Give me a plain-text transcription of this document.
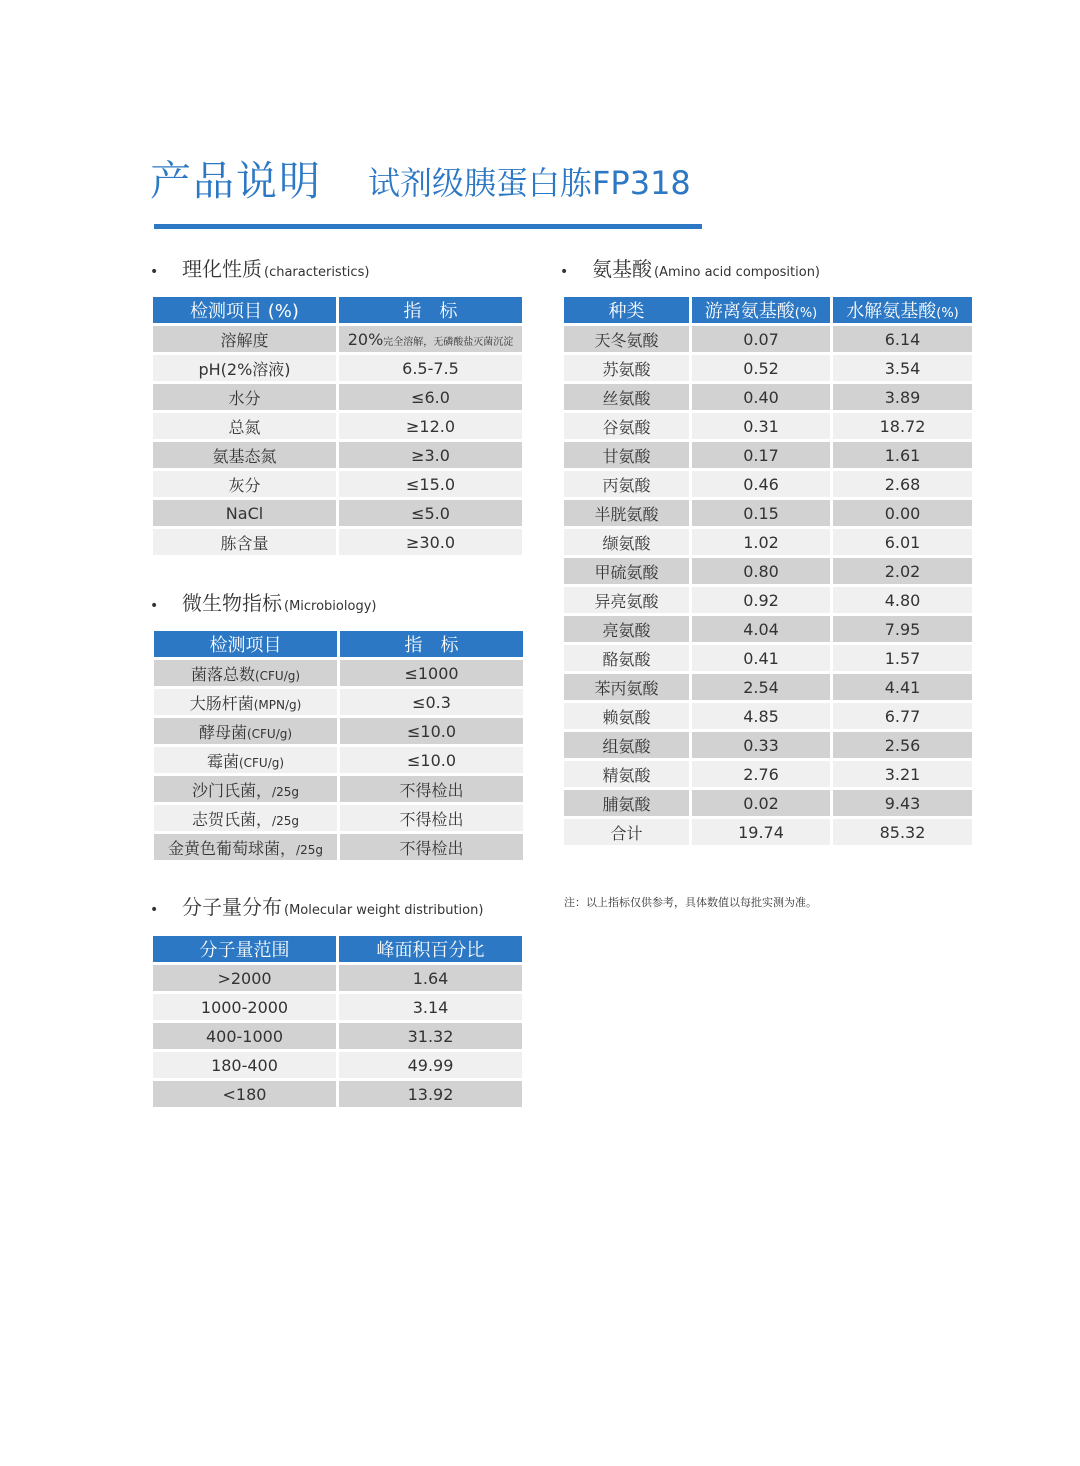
产品说明 试剂级胰蛋白胨FP318
•	理化性质 (characteristics)
检测项目 (%)	指　标
溶解度	20%完全溶解，无磷酸盐灭菌沉淀
pH(2%溶液)	6.5-7.5
水分	≤6.0
总氮	≥12.0
氨基态氮	≥3.0
灰分	≤15.0
NaCl	≤5.0
胨含量	≥30.0
•	微生物指标 (Microbiology)
检测项目	指　标
菌落总数(CFU/g)	≤1000
大肠杆菌(MPN/g)	≤0.3
酵母菌(CFU/g)	≤10.0
霉菌(CFU/g)	≤10.0
沙门氏菌，/25g	不得检出
志贺氏菌，/25g	不得检出
金黄色葡萄球菌，/25g	不得检出
•	分子量分布 (Molecular weight distribution)
分子量范围	峰面积百分比
>2000	1.64
1000-2000	3.14
400-1000	31.32
180-400	49.99
<180	13.92
•	氨基酸 (Amino acid composition)
种类	游离氨基酸(%)	水解氨基酸(%)
天冬氨酸	0.07	6.14
苏氨酸	0.52	3.54
丝氨酸	0.40	3.89
谷氨酸	0.31	18.72
甘氨酸	0.17	1.61
丙氨酸	0.46	2.68
半胱氨酸	0.15	0.00
缬氨酸	1.02	6.01
甲硫氨酸	0.80	2.02
异亮氨酸	0.92	4.80
亮氨酸	4.04	7.95
酪氨酸	0.41	1.57
苯丙氨酸	2.54	4.41
赖氨酸	4.85	6.77
组氨酸	0.33	2.56
精氨酸	2.76	3.21
脯氨酸	0.02	9.43
合计	19.74	85.32
注：以上指标仅供参考，具体数值以每批实测为准。
